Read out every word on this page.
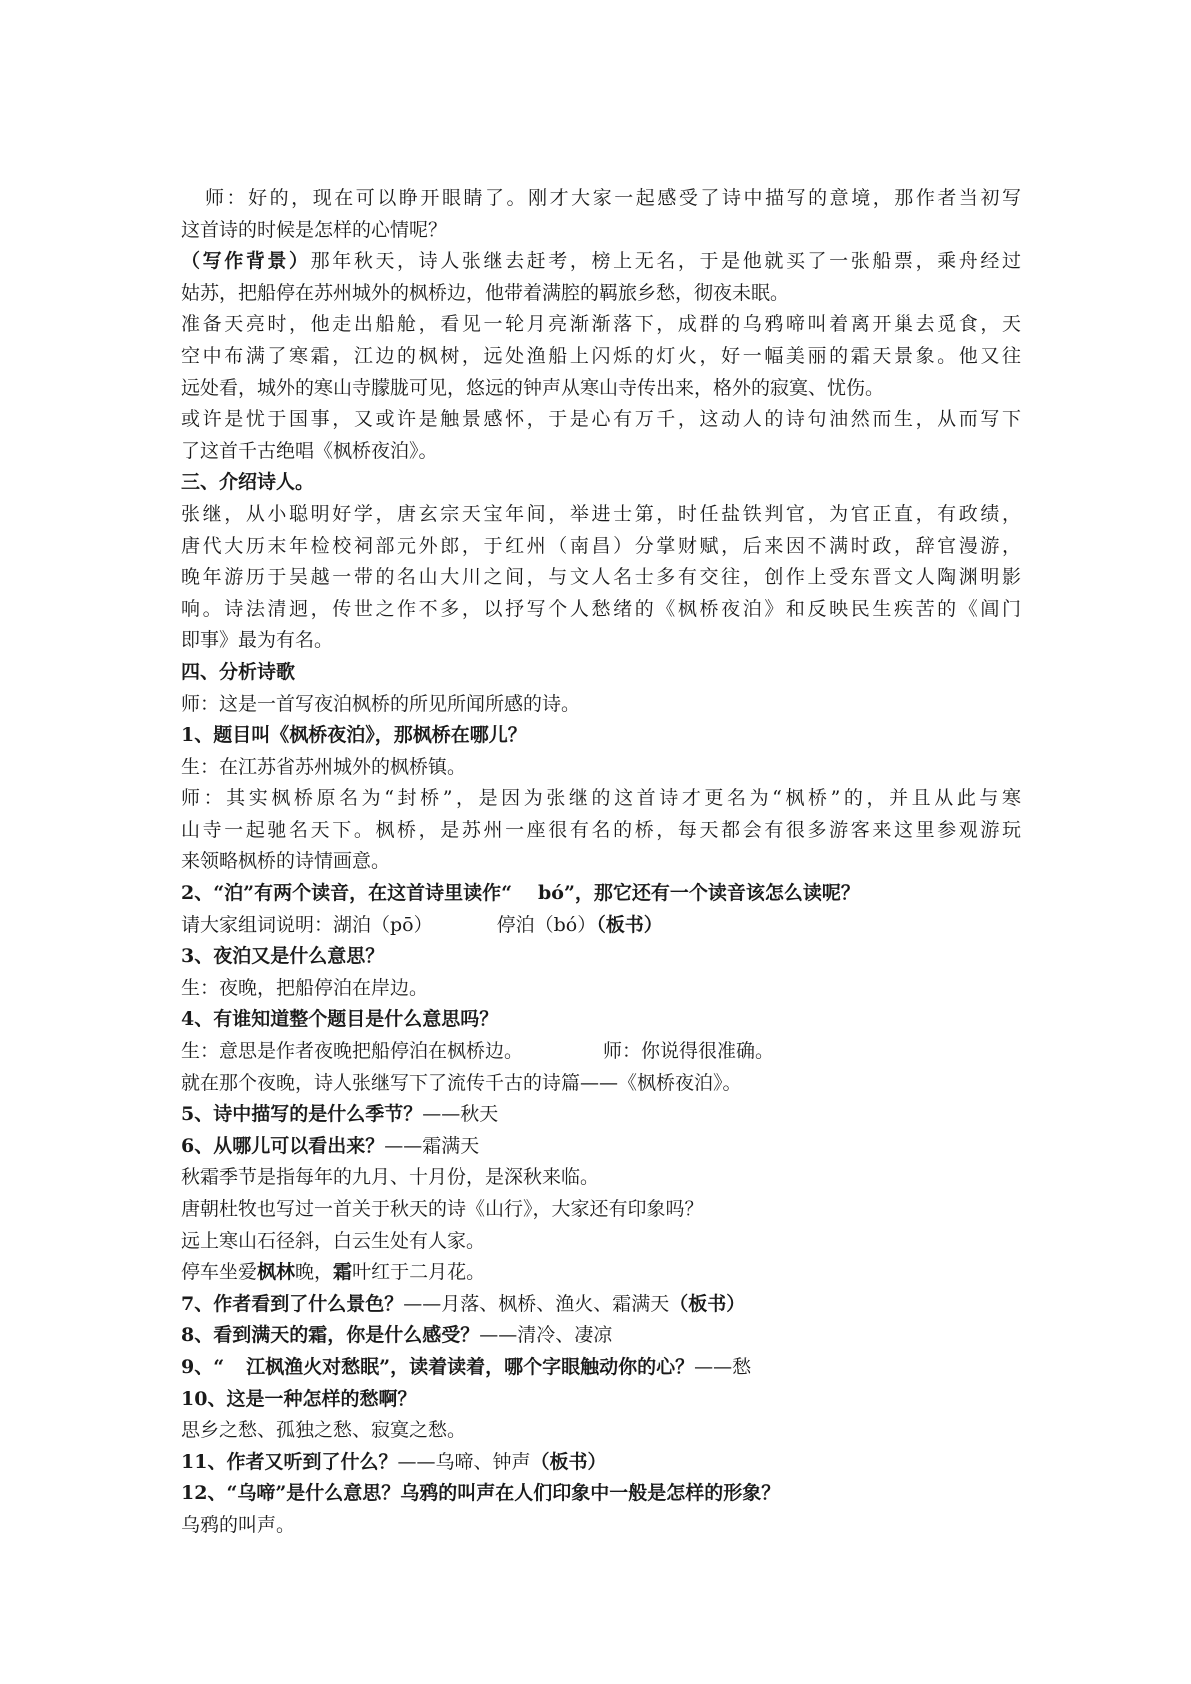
师：好的，现在可以睁开眼睛了。刚才大家一起感受了诗中描写的意境，那作者当初写
这首诗的时候是怎样的心情呢？
（写作背景）那年秋天，诗人张继去赶考，榜上无名，于是他就买了一张船票，乘舟经过
姑苏，把船停在苏州城外的枫桥边，他带着满腔的羁旅乡愁，彻夜未眠。
准备天亮时，他走出船舱，看见一轮月亮渐渐落下，成群的乌鸦啼叫着离开巢去觅食，天
空中布满了寒霜，江边的枫树，远处渔船上闪烁的灯火，好一幅美丽的霜天景象。他又往
远处看，城外的寒山寺朦胧可见，悠远的钟声从寒山寺传出来，格外的寂寞、忧伤。
或许是忧于国事，又或许是触景感怀，于是心有万千，这动人的诗句油然而生，从而写下
了这首千古绝唱《枫桥夜泊》。
三、介绍诗人。
张继，从小聪明好学，唐玄宗天宝年间，举进士第，时任盐铁判官，为官正直，有政绩，
唐代大历末年检校祠部元外郎，于红州（南昌）分掌财赋，后来因不满时政，辞官漫游，
晚年游历于吴越一带的名山大川之间，与文人名士多有交往，创作上受东晋文人陶渊明影
响。诗法清迥，传世之作不多，以抒写个人愁绪的《枫桥夜泊》和反映民生疾苦的《阊门
即事》最为有名。
四、分析诗歌
师：这是一首写夜泊枫桥的所见所闻所感的诗。
1、题目叫《枫桥夜泊》，那枫桥在哪儿？
生：在江苏省苏州城外的枫桥镇。
师：其实枫桥原名为“封桥”，是因为张继的这首诗才更名为“枫桥”的，并且从此与寒
山寺一起驰名天下。枫桥，是苏州一座很有名的桥，每天都会有很多游客来这里参观游玩
来领略枫桥的诗情画意。
2、“泊”有两个读音，在这首诗里读作“ bó”，那它还有一个读音该怎么读呢？
请大家组词说明：湖泊（pō）	停泊（bó）（板书）
3、夜泊又是什么意思？
生：夜晚，把船停泊在岸边。
4、有谁知道整个题目是什么意思吗？
生：意思是作者夜晚把船停泊在枫桥边。	师：你说得很准确。
就在那个夜晚，诗人张继写下了流传千古的诗篇——《枫桥夜泊》。
5、诗中描写的是什么季节？——秋天
6、从哪儿可以看出来？——霜满天
秋霜季节是指每年的九月、十月份，是深秋来临。
唐朝杜牧也写过一首关于秋天的诗《山行》，大家还有印象吗？
远上寒山石径斜，白云生处有人家。
停车坐爱枫林晚，霜叶红于二月花。
7、作者看到了什么景色？——月落、枫桥、渔火、霜满天（板书）
8、看到满天的霜，你是什么感受？——清冷、凄凉
9、“ 江枫渔火对愁眠”，读着读着，哪个字眼触动你的心？——愁
10、这是一种怎样的愁啊？
思乡之愁、孤独之愁、寂寞之愁。
11、作者又听到了什么？——乌啼、钟声（板书）
12、“乌啼”是什么意思？乌鸦的叫声在人们印象中一般是怎样的形象？
乌鸦的叫声。
